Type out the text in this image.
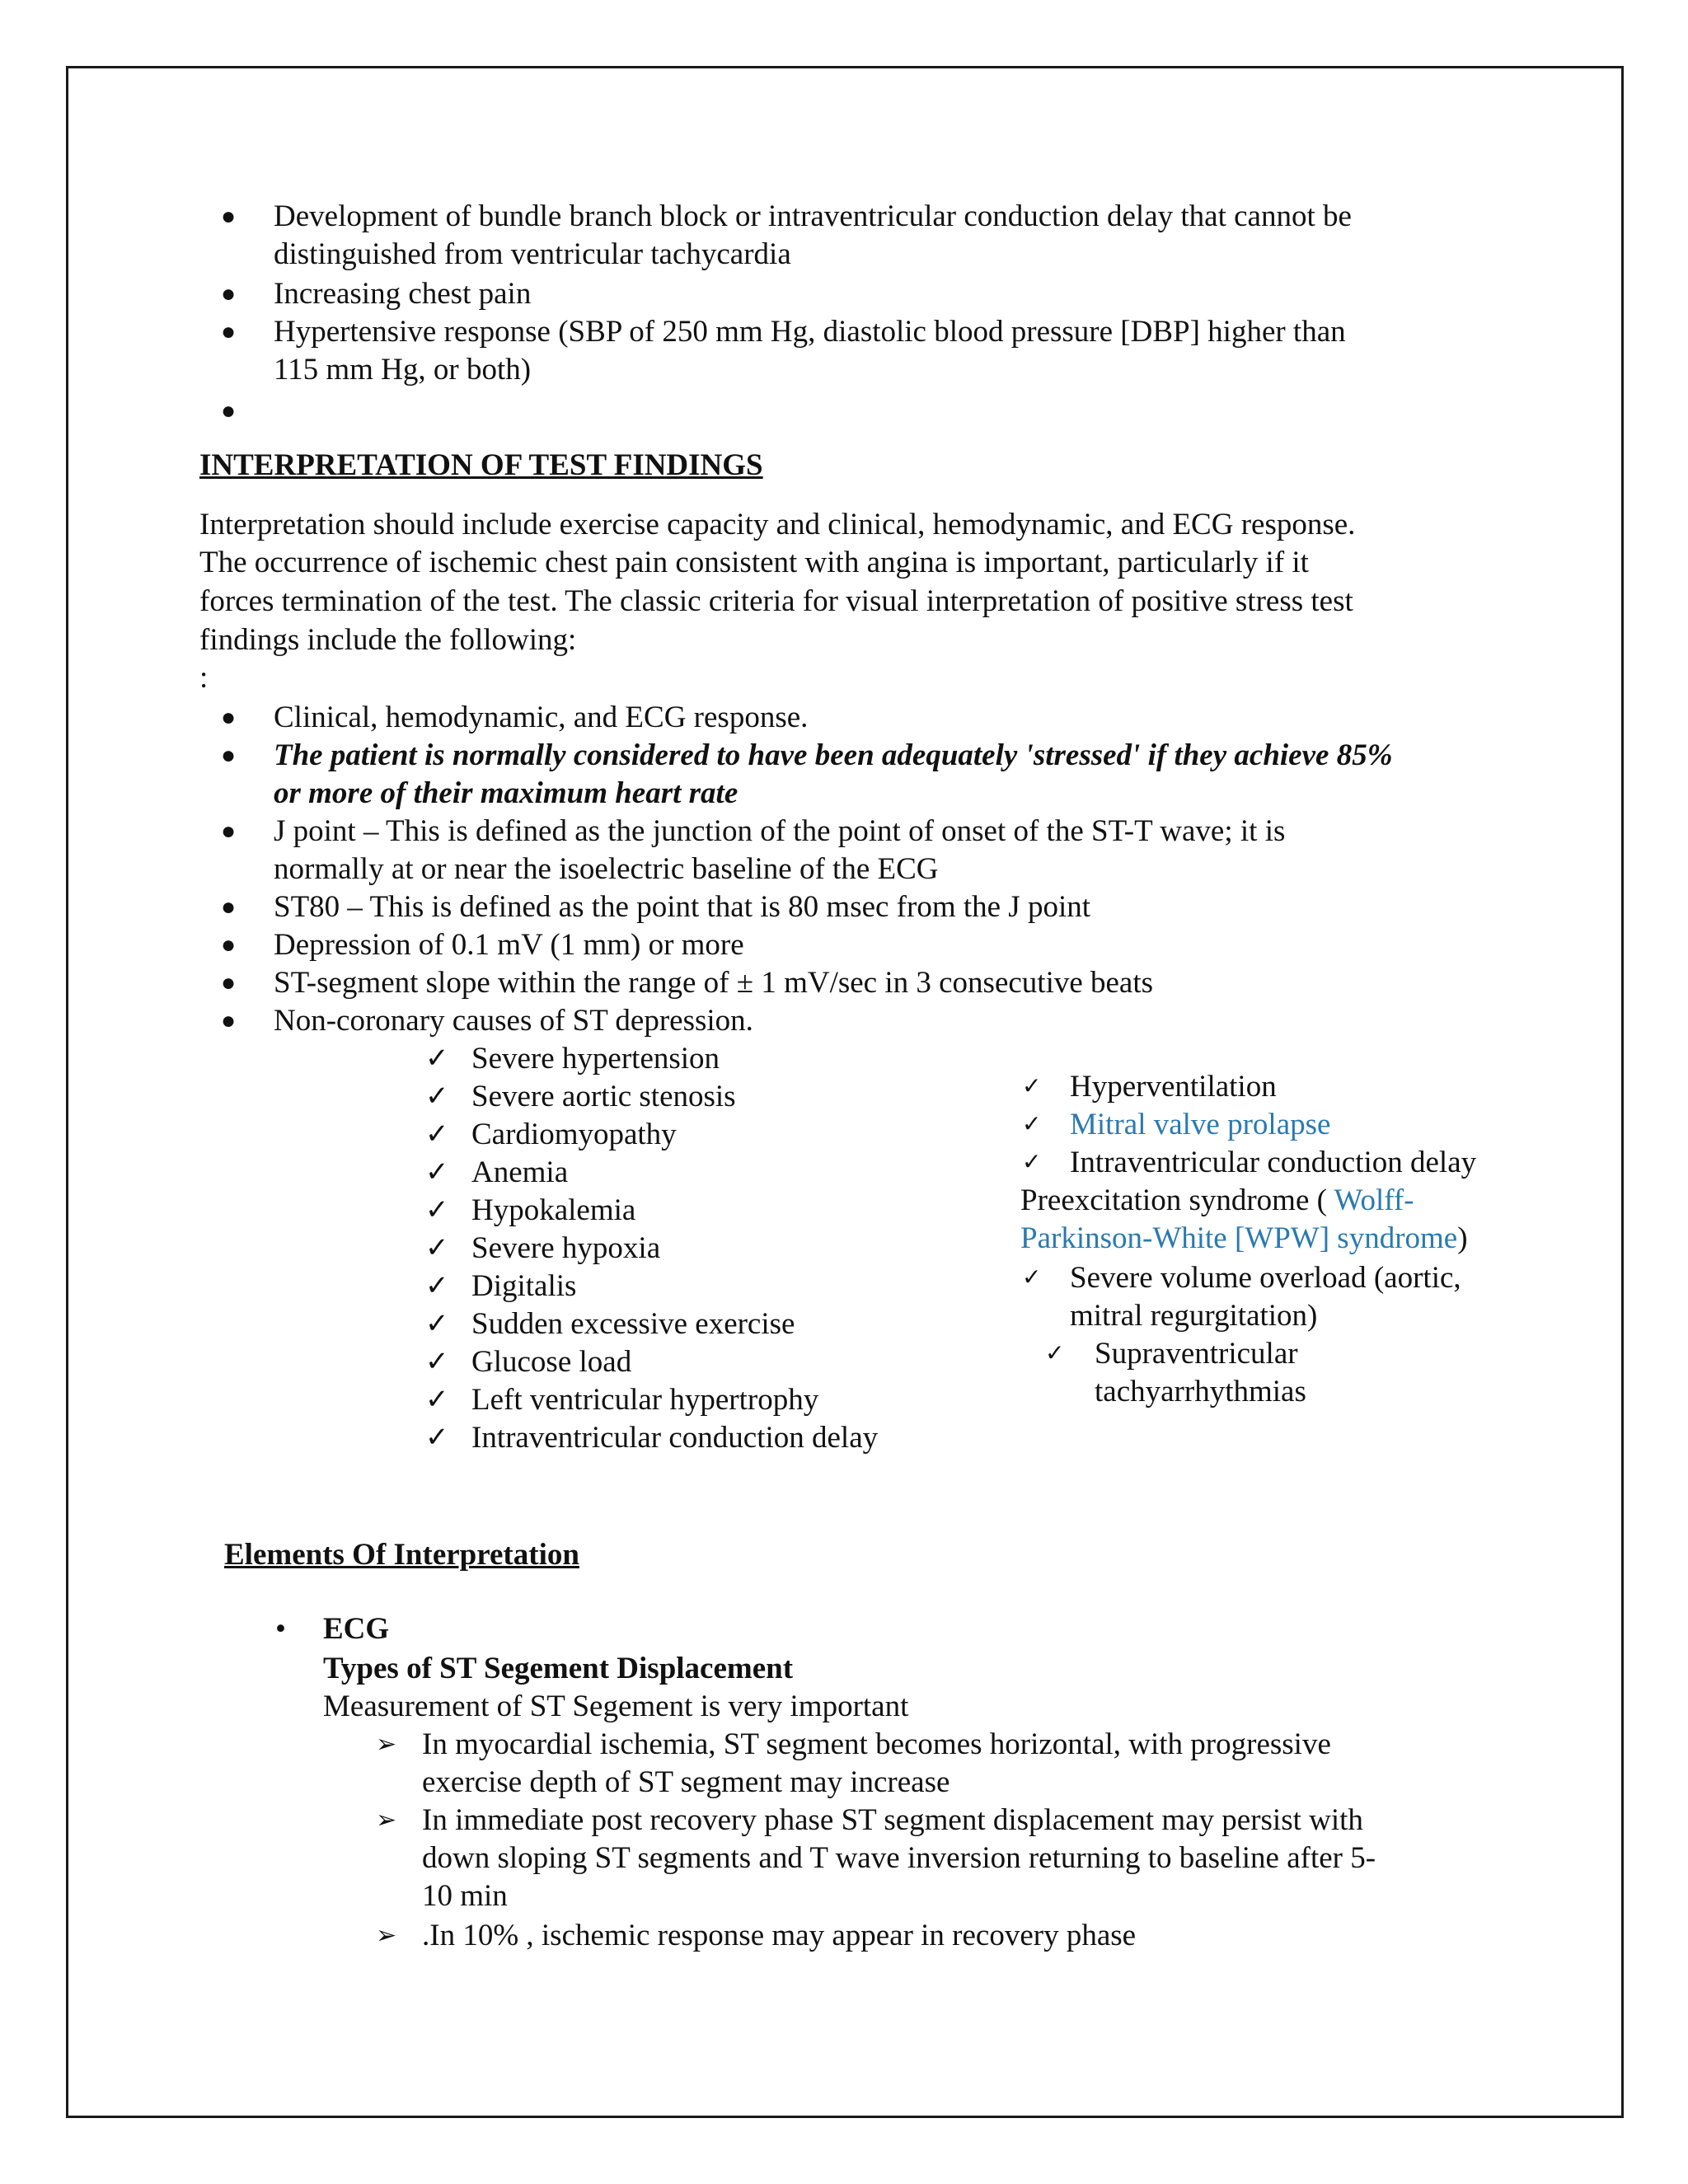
● Development of bundle branch block or intraventricular conduction delay that cannot be
distinguished from ventricular tachycardia
● Increasing chest pain
● Hypertensive response (SBP of 250 mm Hg, diastolic blood pressure [DBP] higher than
115 mm Hg, or both)
●
INTERPRETATION OF TEST FINDINGS
Interpretation should include exercise capacity and clinical, hemodynamic, and ECG response.
The occurrence of ischemic chest pain consistent with angina is important, particularly if it
forces termination of the test. The classic criteria for visual interpretation of positive stress test
findings include the following:
:
● Clinical, hemodynamic, and ECG response.
● The patient is normally considered to have been adequately 'stressed' if they achieve 85%
or more of their maximum heart rate
● J point – This is defined as the junction of the point of onset of the ST-T wave; it is
normally at or near the isoelectric baseline of the ECG
● ST80 – This is defined as the point that is 80 msec from the J point
● Depression of 0.1 mV (1 mm) or more
● ST-segment slope within the range of ± 1 mV/sec in 3 consecutive beats
● Non-coronary causes of ST depression.
✓ Severe hypertension
✓ Severe aortic stenosis
✓ Cardiomyopathy
✓ Anemia
✓ Hypokalemia
✓ Severe hypoxia
✓ Digitalis
✓ Sudden excessive exercise
✓ Glucose load
✓ Left ventricular hypertrophy
✓ Intraventricular conduction delay
✓ Hyperventilation
✓ Mitral valve prolapse
✓ Intraventricular conduction delay
Preexcitation syndrome ( Wolff-
Parkinson-White [WPW] syndrome)
✓ Severe volume overload (aortic,
mitral regurgitation)
✓ Supraventricular
tachyarrhythmias
Elements Of Interpretation
• ECG
Types of ST Segement Displacement
Measurement of ST Segement is very important
➢ In myocardial ischemia, ST segment becomes horizontal, with progressive
exercise depth of ST segment may increase
➢ In immediate post recovery phase ST segment displacement may persist with
down sloping ST segments and T wave inversion returning to baseline after 5-
10 min
➢ .In 10% , ischemic response may appear in recovery phase
